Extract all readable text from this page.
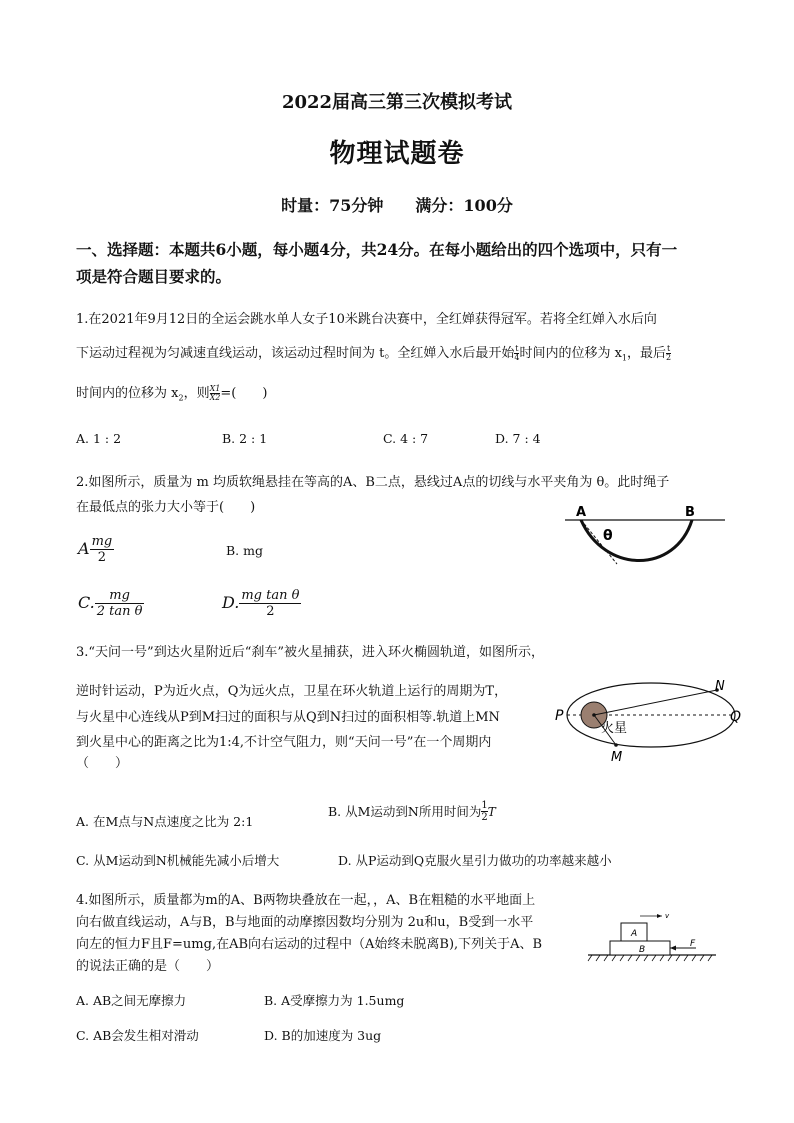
2022届高三第三次模拟考试
物理试题卷
时量：75分钟　　满分：100分
一、选择题：本题共6小题，每小题4分，共24分。在每小题给出的四个选项中，只有一
项是符合题目要求的。
1.在2021年9月12日的全运会跳水单人女子10米跳台决赛中，全红婵获得冠军。若将全红婵入水后向
下运动过程视为匀减速直线运动，该运动过程时间为 t。全红婵入水后最开始 $\frac{t}{4}$ 时间内的位移为 $x_1$，最后 $\frac{t}{2}$
时间内的位移为 $x_2$，则 $\frac{X1}{X2}$ =(　　)
A. 1 : 2	B. 2 : 1	C. 4 : 7	D. 7 : 4
2.如图所示，质量为 m 均质软绳悬挂在等高的A、B二点，悬线过A点的切线与水平夹角为 θ。此时绳子
在最低点的张力大小等于(　　)
A $\frac{mg}{2}$	B. mg
C. $\frac{mg}{\text{2 tan θ}}$	D. $\frac{\text{mg tan θ}}{2}$
A	B
θ
3.“天问一号”到达火星附近后“刹车”被火星捕获，进入环火椭圆轨道，如图所示，
逆时针运动，P为近火点，Q为远火点，卫星在环火轨道上运行的周期为T，
与火星中心连线从P到M扫过的面积与从Q到N扫过的面积相等.轨道上MN
到火星中心的距离之比为1:4,不计空气阻力，则“天问一号”在一个周期内
（　　）
A. 在M点与N点速度之比为 2:1
B. 从M运动到N所用时间为 $\frac{1}{2}$ T
C. 从M运动到N机械能先减小后增大	D. 从P运动到Q克服火星引力做功的功率越来越小
P	Q
N
M
火星
4.如图所示，质量都为m的A、B两物块叠放在一起，，A、B在粗糙的水平地面上
向右做直线运动，A与B，B与地面的动摩擦因数均分别为 2u和u，B受到一水平
向左的恒力F且F=umg,在AB向右运动的过程中（A始终未脱离B),下列关于A、B
的说法正确的是（　　）
A. AB之间无摩擦力	B. A受摩擦力为 1.5umg
C. AB会发生相对滑动	D. B的加速度为 3ug
A
B
F
v
